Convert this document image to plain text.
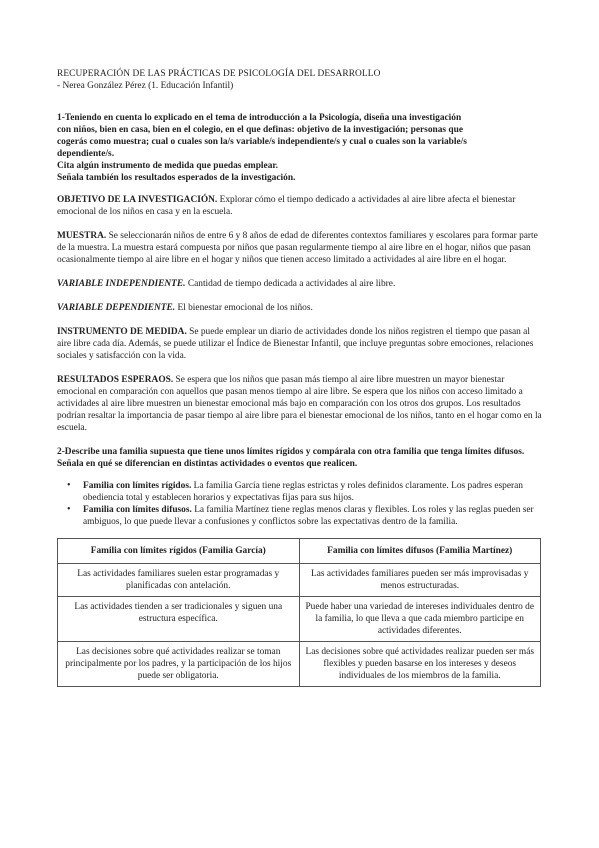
RECUPERACIÓN DE LAS PRÁCTICAS DE PSICOLOGÍA DEL DESARROLLO
- Nerea González Pérez (1. Educación Infantil)
1-Teniendo en cuenta lo explicado en el tema de introducción a la Psicología, diseña una investigación
con niños, bien en casa, bien en el colegio, en el que definas: objetivo de la investigación; personas que
cogerás como muestra; cual o cuales son la/s variable/s independiente/s y cual o cuales son la variable/s
dependiente/s.
Cita algún instrumento de medida que puedas emplear.
Señala también los resultados esperados de la investigación.

OBJETIVO DE LA INVESTIGACIÓN. Explorar cómo el tiempo dedicado a actividades al aire libre afecta el bienestar emocional de los niños en casa y en la escuela.

MUESTRA. Se seleccionarán niños de entre 6 y 8 años de edad de diferentes contextos familiares y escolares para formar parte de la muestra. La muestra estará compuesta por niños que pasan regularmente tiempo al aire libre en el hogar, niños que pasan ocasionalmente tiempo al aire libre en el hogar y niños que tienen acceso limitado a actividades al aire libre en el hogar.

VARIABLE INDEPENDIENTE. Cantidad de tiempo dedicada a actividades al aire libre.

VARIABLE DEPENDIENTE. El bienestar emocional de los niños.

INSTRUMENTO DE MEDIDA. Se puede emplear un diario de actividades donde los niños registren el tiempo que pasan al aire libre cada día. Además, se puede utilizar el Índice de Bienestar Infantil, que incluye preguntas sobre emociones, relaciones sociales y satisfacción con la vida.

RESULTADOS ESPERAOS. Se espera que los niños que pasan más tiempo al aire libre muestren un mayor bienestar emocional en comparación con aquellos que pasan menos tiempo al aire libre. Se espera que los niños con acceso limitado a actividades al aire libre muestren un bienestar emocional más bajo en comparación con los otros dos grupos. Los resultados podrían resaltar la importancia de pasar tiempo al aire libre para el bienestar emocional de los niños, tanto en el hogar como en la escuela.

2-Describe una familia supuesta que tiene unos límites rígidos y compárala con otra familia que tenga límites difusos. Señala en qué se diferencian en distintas actividades o eventos que realicen.

• Familia con límites rígidos. La familia García tiene reglas estrictas y roles definidos claramente. Los padres esperan obediencia total y establecen horarios y expectativas fijas para sus hijos.
• Familia con límites difusos. La familia Martínez tiene reglas menos claras y flexibles. Los roles y las reglas pueden ser ambiguos, lo que puede llevar a confusiones y conflictos sobre las expectativas dentro de la familia.
Familia con límites rígidos (Familia García)	Familia con límites difusos (Familia Martínez)
Las actividades familiares suelen estar programadas y planificadas con antelación.	Las actividades familiares pueden ser más improvisadas y menos estructuradas.
Las actividades tienden a ser tradicionales y siguen una estructura específica.	Puede haber una variedad de intereses individuales dentro de la familia, lo que lleva a que cada miembro participe en actividades diferentes.
Las decisiones sobre qué actividades realizar se toman principalmente por los padres, y la participación de los hijos puede ser obligatoria.	Las decisiones sobre qué actividades realizar pueden ser más flexibles y pueden basarse en los intereses y deseos individuales de los miembros de la familia.
